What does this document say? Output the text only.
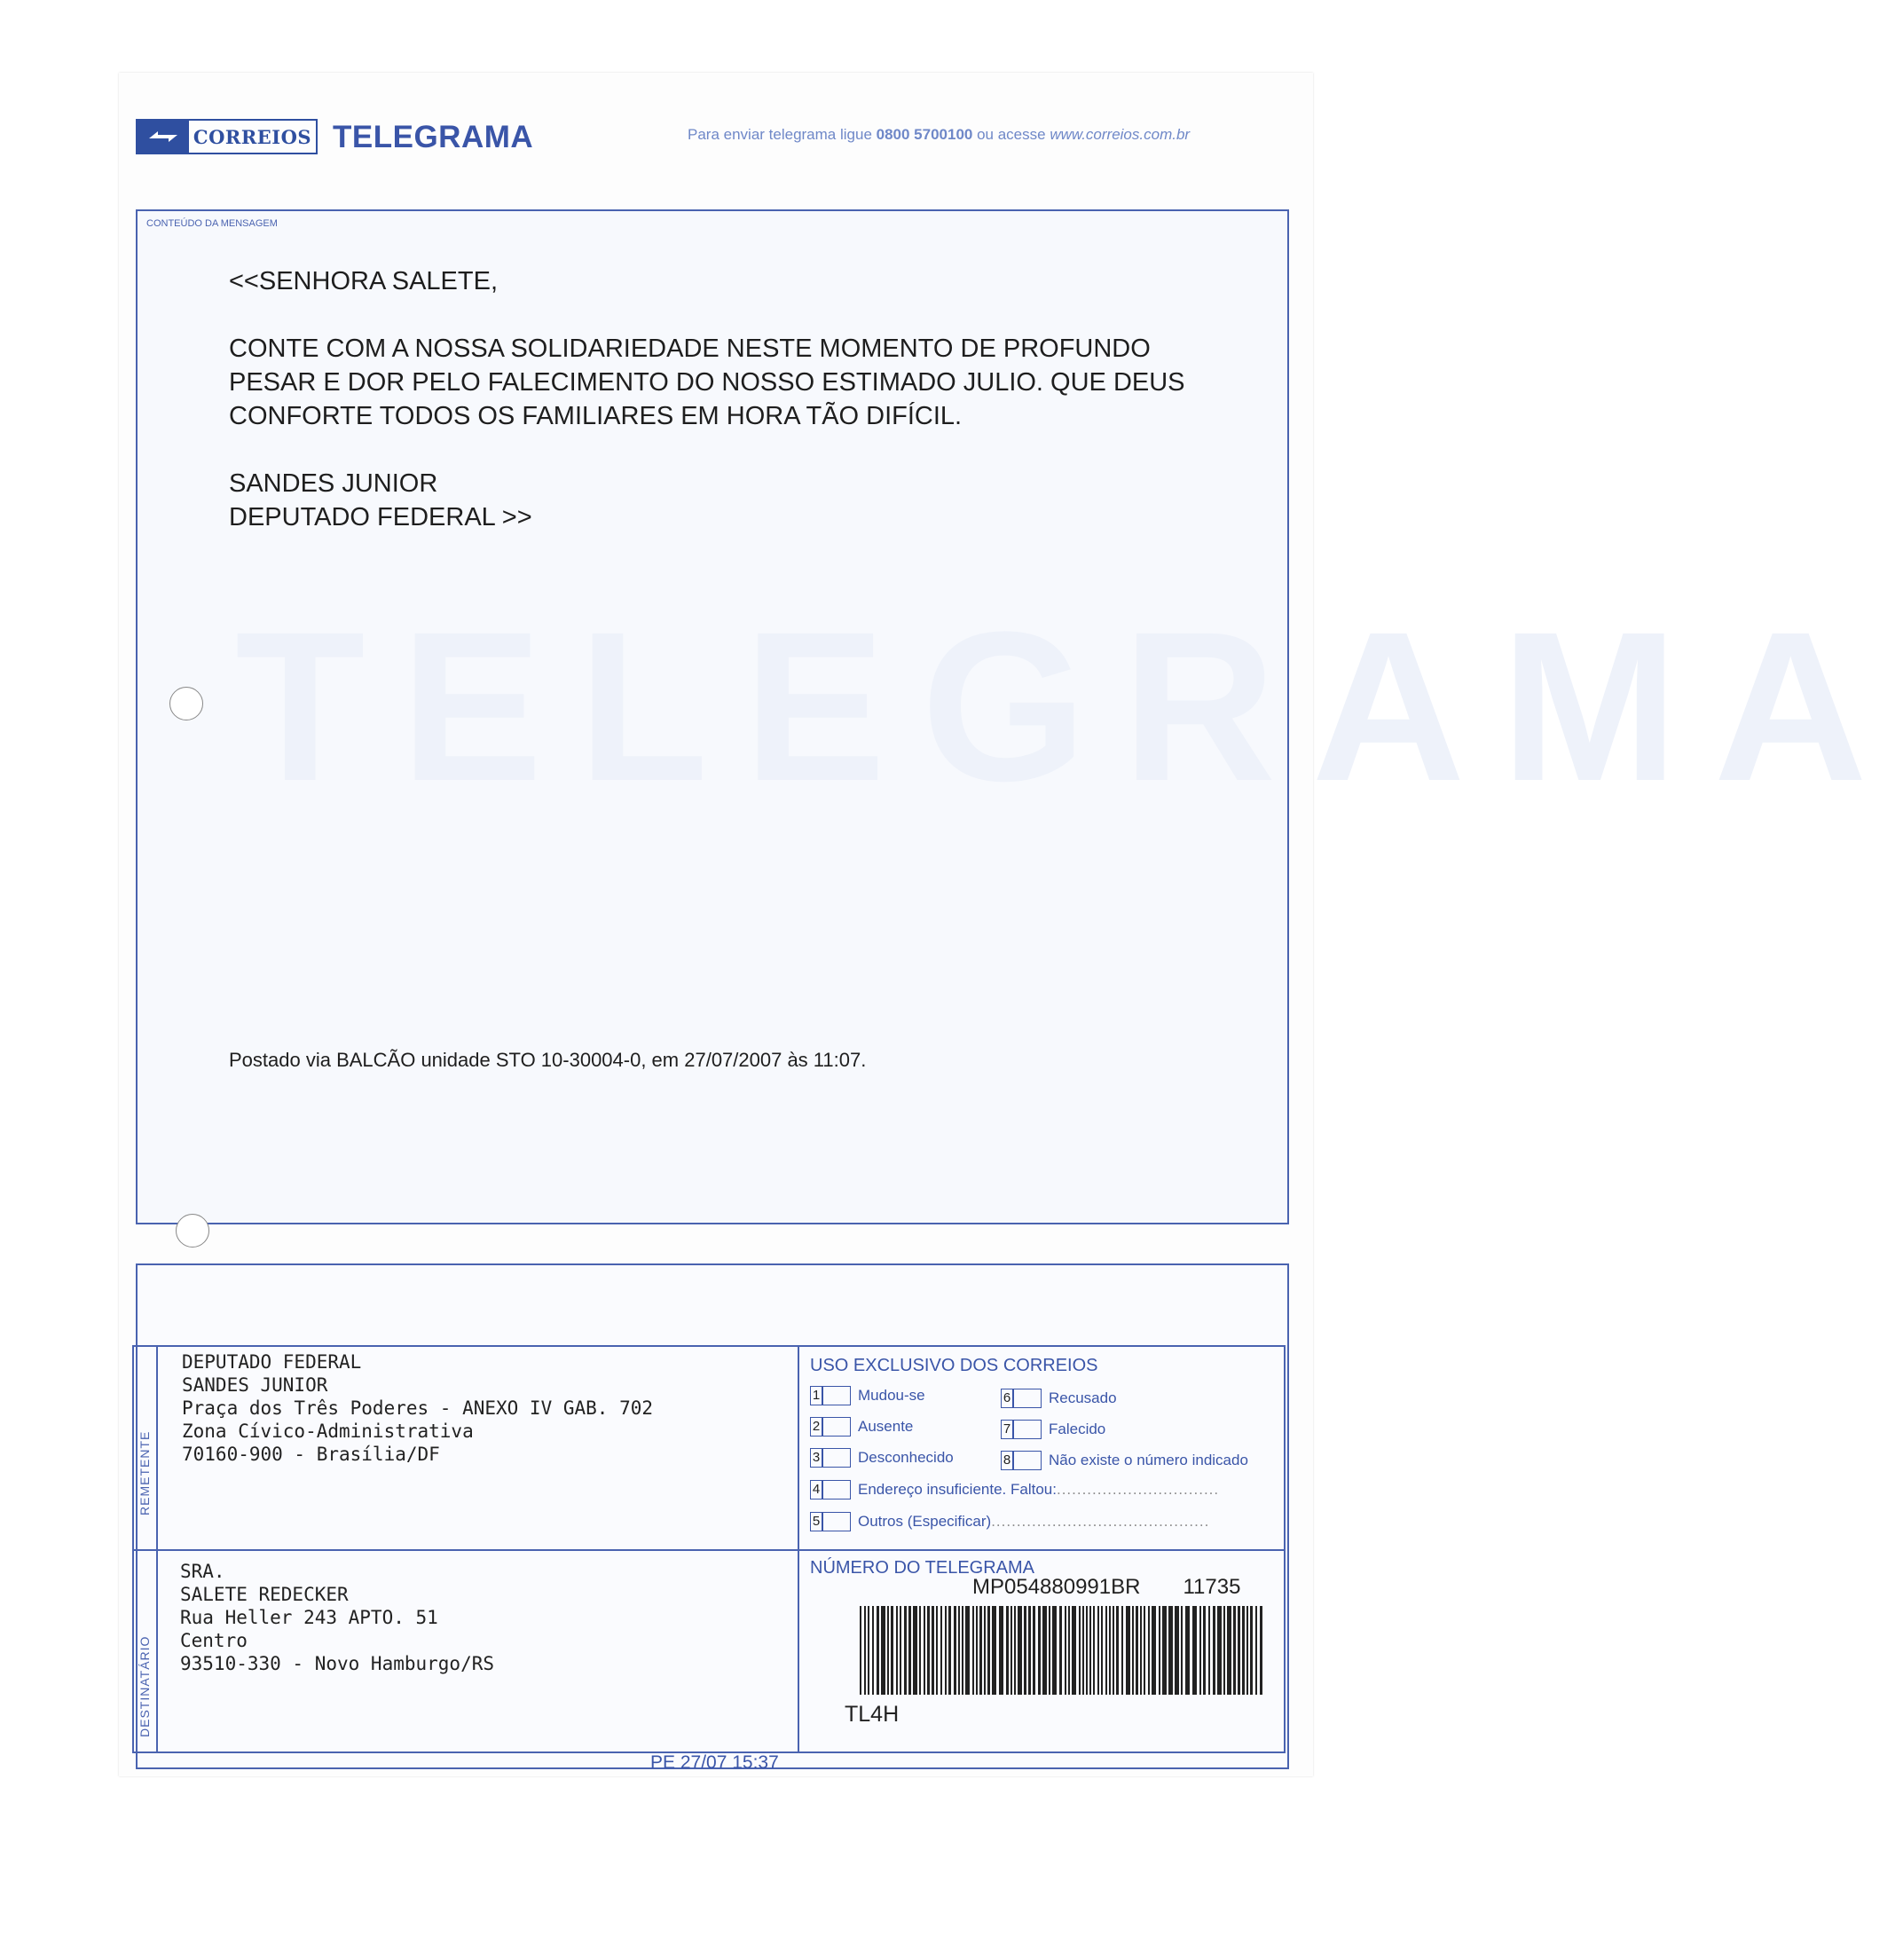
CORREIOS TELEGRAMA	Para enviar telegrama ligue 0800 5700100 ou acesse www.correios.com.br
TELEGRAMA
CONTEÚDO DA MENSAGEM

<<SENHORA SALETE,

CONTE COM A NOSSA SOLIDARIEDADE NESTE MOMENTO DE PROFUNDO
PESAR E DOR PELO FALECIMENTO DO NOSSO ESTIMADO JULIO. QUE DEUS
CONFORTE TODOS OS FAMILIARES EM HORA TÃO DIFÍCIL.

SANDES JUNIOR
DEPUTADO FEDERAL >>

Postado via BALCÃO unidade STO 10-30004-0, em 27/07/2007 às 11:07.
REMETENTE
DESTINATÁRIO
DEPUTADO FEDERAL
SANDES JUNIOR
Praça dos Três Poderes - ANEXO IV GAB. 702
Zona Cívico-Administrativa
70160-900 - Brasília/DF
SRA.
SALETE REDECKER
Rua Heller 243 APTO. 51
Centro
93510-330 - Novo Hamburgo/RS
USO EXCLUSIVO DOS CORREIOS
1	Mudou-se
2	Ausente
3	Desconhecido
6	Recusado
7	Falecido
8	Não existe o número indicado
4	Endereço insuficiente. Faltou: ................................
5	Outros (Especificar) ...........................................
NÚMERO DO TELEGRAMA
MP054880991BR 11735
TL4H
PE 27/07 15:37
